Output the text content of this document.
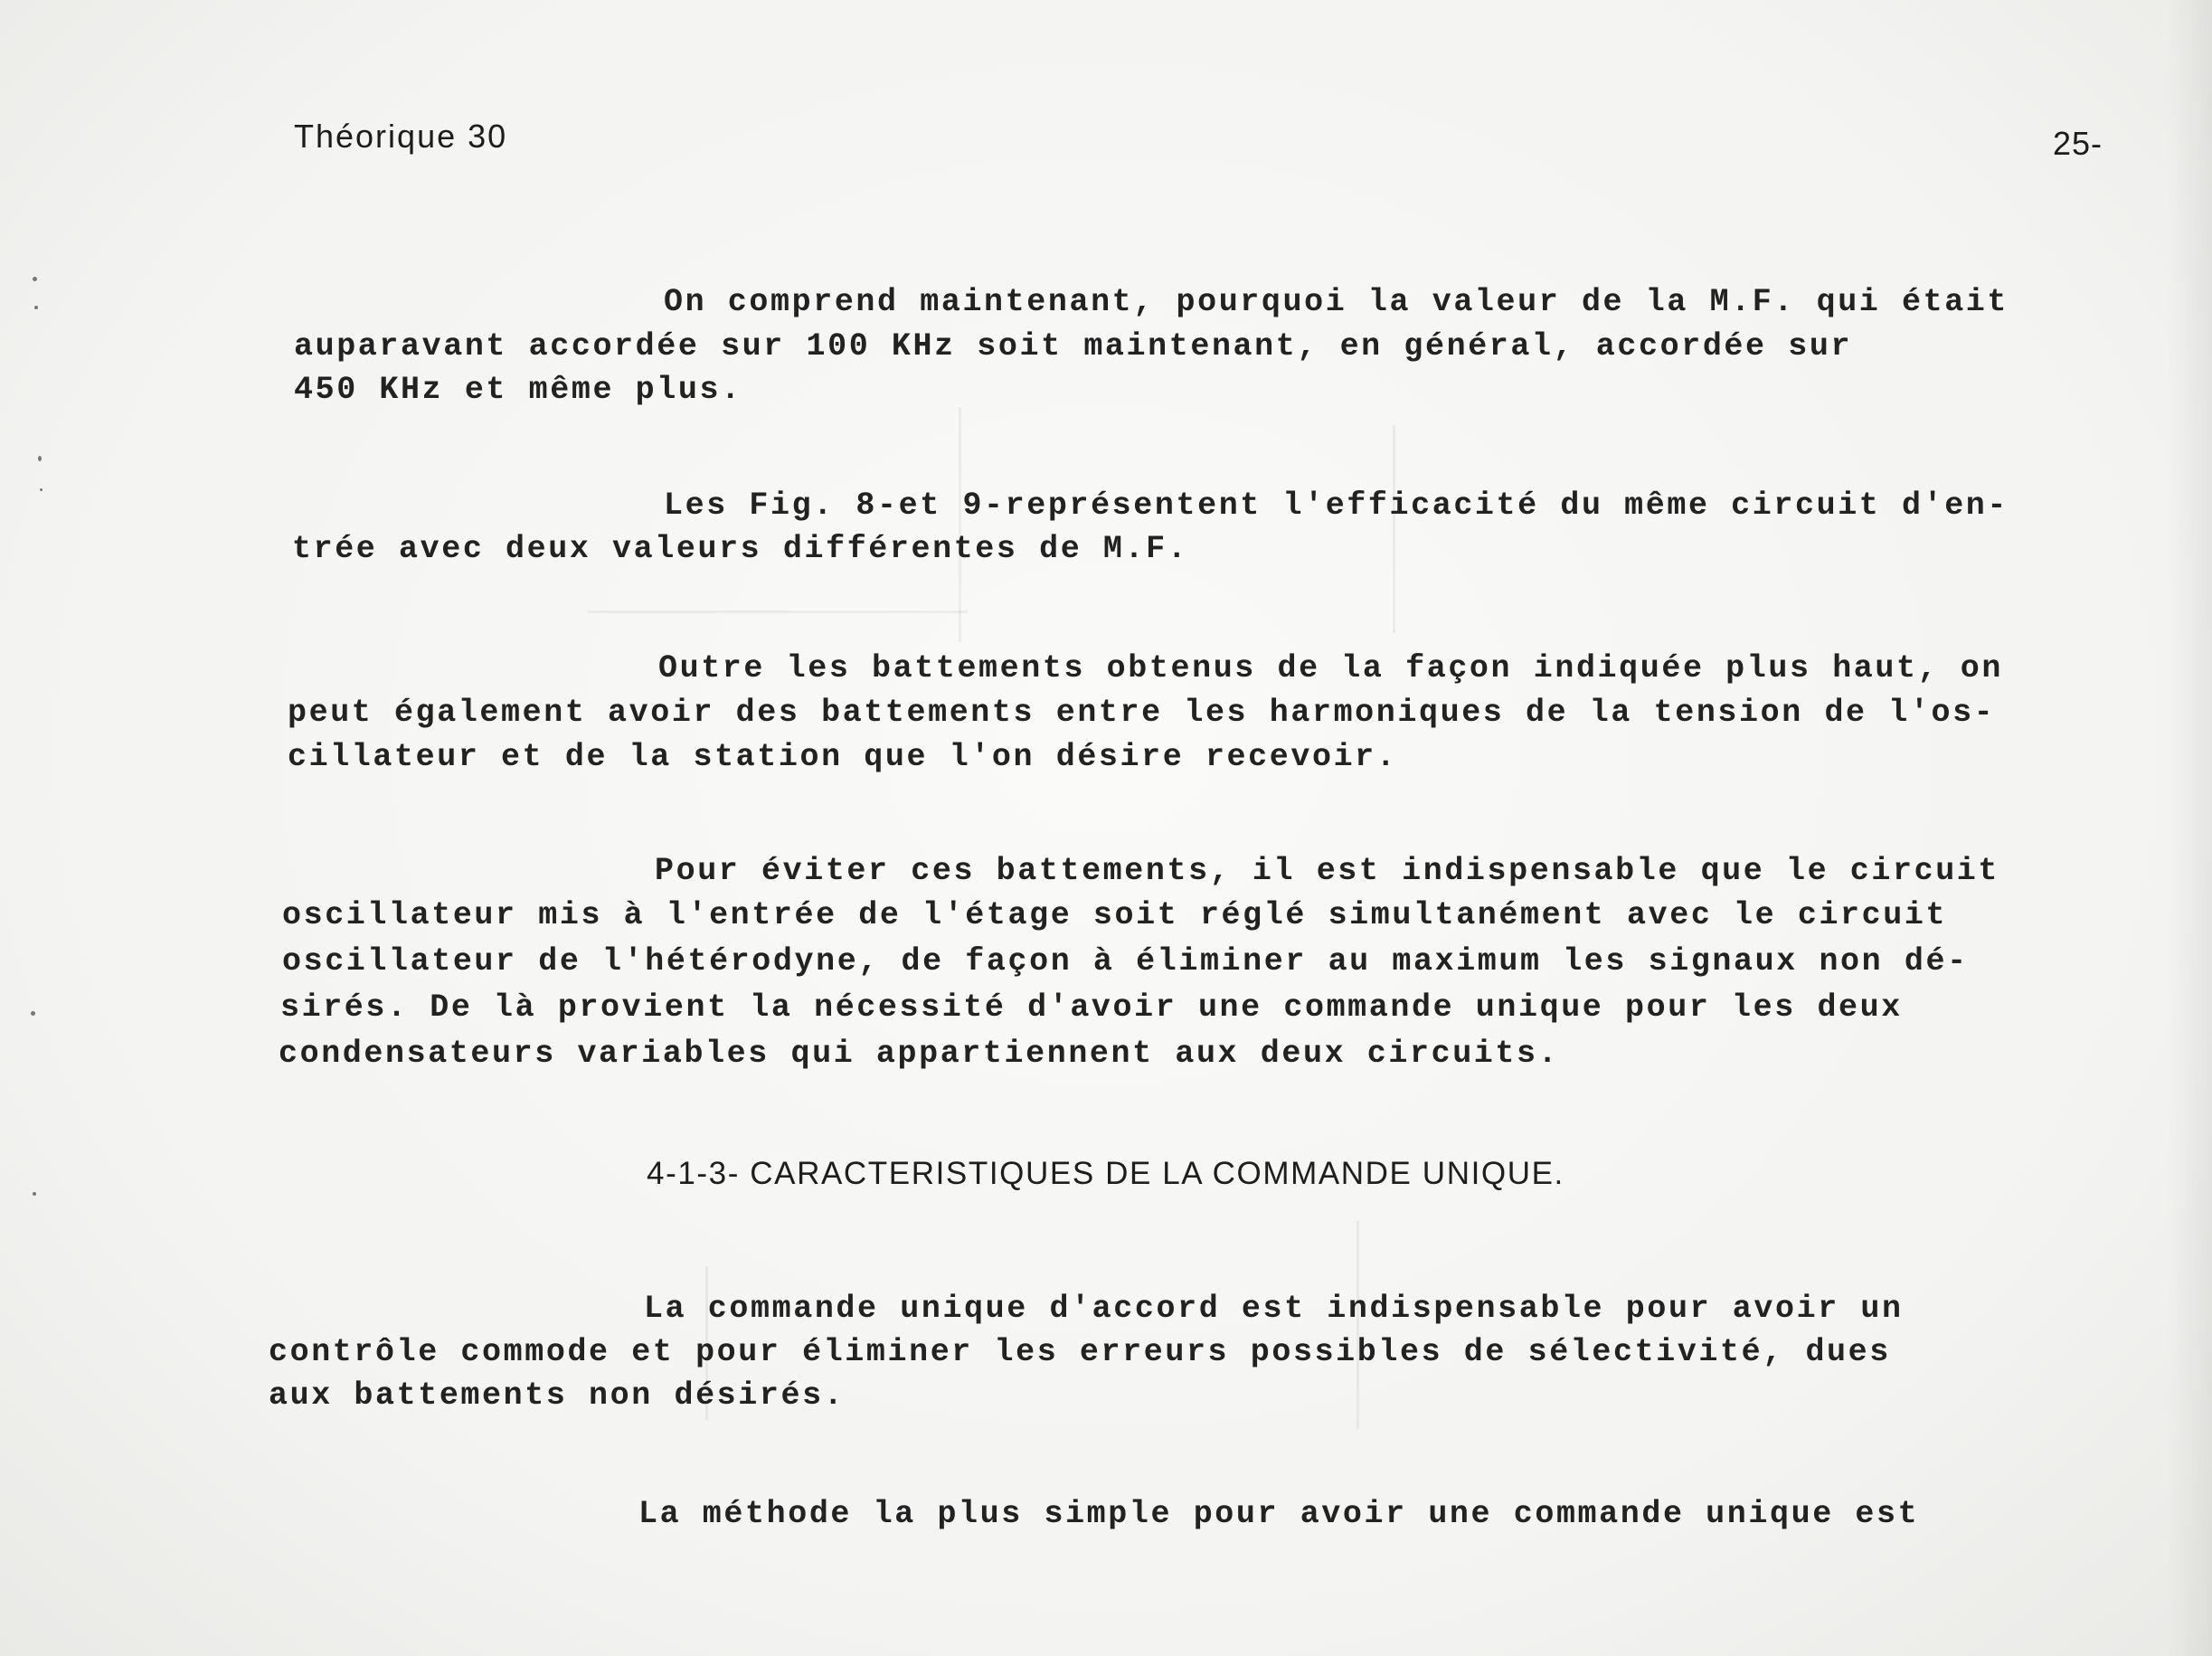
Théorique 30	25-
On comprend maintenant, pourquoi la valeur de la M.F. qui était
auparavant accordée sur 100 KHz soit maintenant, en général, accordée sur
450 KHz et même plus.
Les Fig. 8-et 9-représentent l'efficacité du même circuit d'en-
trée avec deux valeurs différentes de M.F.
Outre les battements obtenus de la façon indiquée plus haut, on
peut également avoir des battements entre les harmoniques de la tension de l'os-
cillateur et de la station que l'on désire recevoir.
Pour éviter ces battements, il est indispensable que le circuit
oscillateur mis à l'entrée de l'étage soit réglé simultanément avec le circuit
oscillateur de l'hétérodyne, de façon à éliminer au maximum les signaux non dé-
sirés. De là provient la nécessité d'avoir une commande unique pour les deux
condensateurs variables qui appartiennent aux deux circuits.
4-1-3- CARACTERISTIQUES DE LA COMMANDE UNIQUE.
La commande unique d'accord est indispensable pour avoir un
contrôle commode et pour éliminer les erreurs possibles de sélectivité, dues
aux battements non désirés.
La méthode la plus simple pour avoir une commande unique est
